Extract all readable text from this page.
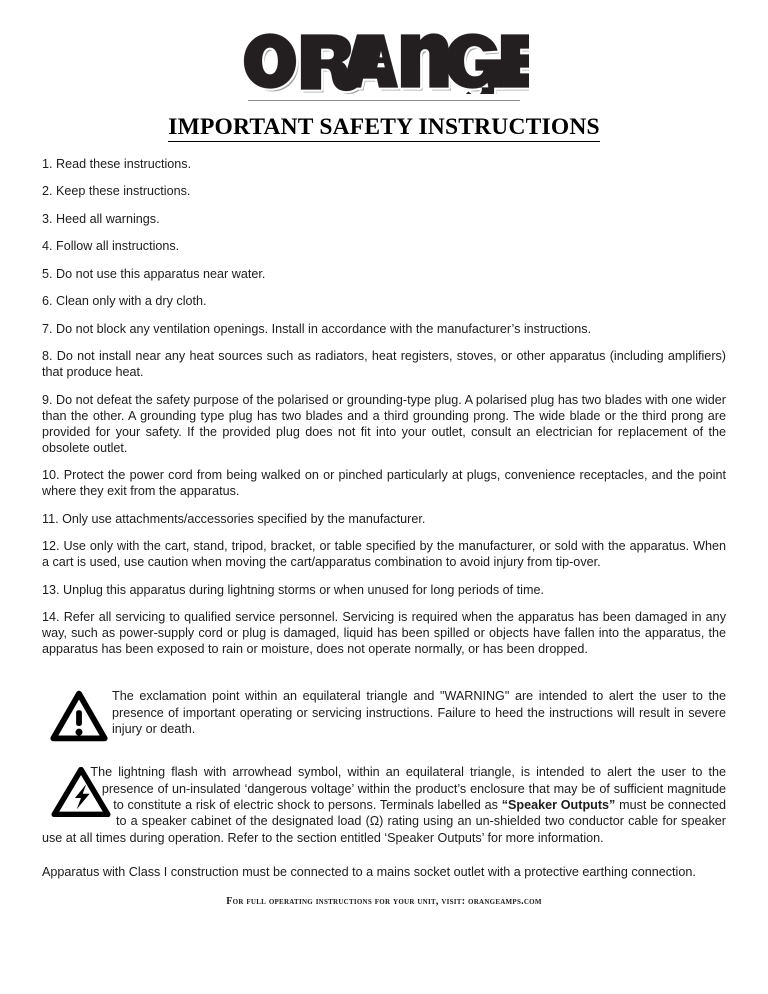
IMPORTANT SAFETY INSTRUCTIONS

1. Read these instructions.

2. Keep these instructions.

3. Heed all warnings.

4. Follow all instructions.

5. Do not use this apparatus near water.

6. Clean only with a dry cloth.

7. Do not block any ventilation openings. Install in accordance with the manufacturer’s instructions.

8. Do not install near any heat sources such as radiators, heat registers, stoves, or other apparatus (including amplifiers) that produce heat.

9. Do not defeat the safety purpose of the polarised or grounding-type plug. A polarised plug has two blades with one wider than the other. A grounding type plug has two blades and a third grounding prong. The wide blade or the third prong are provided for your safety. If the provided plug does not fit into your outlet, consult an electrician for replacement of the obsolete outlet.

10. Protect the power cord from being walked on or pinched particularly at plugs, convenience receptacles, and the point where they exit from the apparatus.

11. Only use attachments/accessories specified by the manufacturer.

12. Use only with the cart, stand, tripod, bracket, or table specified by the manufacturer, or sold with the apparatus. When a cart is used, use caution when moving the cart/apparatus combination to avoid injury from tip-over.

13. Unplug this apparatus during lightning storms or when unused for long periods of time.

14. Refer all servicing to qualified service personnel. Servicing is required when the apparatus has been damaged in any way, such as power-supply cord or plug is damaged, liquid has been spilled or objects have fallen into the apparatus, the apparatus has been exposed to rain or moisture, does not operate normally, or has been dropped.

The exclamation point within an equilateral triangle and "WARNING" are intended to alert the user to the presence of important operating or servicing instructions. Failure to heed the instructions will result in severe injury or death.

The lightning flash with arrowhead symbol, within an equilateral triangle, is intended to alert the user to the presence of un-insulated ‘dangerous voltage’ within the product’s enclosure that may be of sufficient magnitude to constitute a risk of electric shock to persons. Terminals labelled as “Speaker Outputs” must be connected to a speaker cabinet of the designated load (Ω) rating using an un-shielded two conductor cable for speaker use at all times during operation. Refer to the section entitled ‘Speaker Outputs’ for more information.

Apparatus with Class I construction must be connected to a mains socket outlet with a protective earthing connection.

For full operating instructions for your unit, visit: orangeamps.com
